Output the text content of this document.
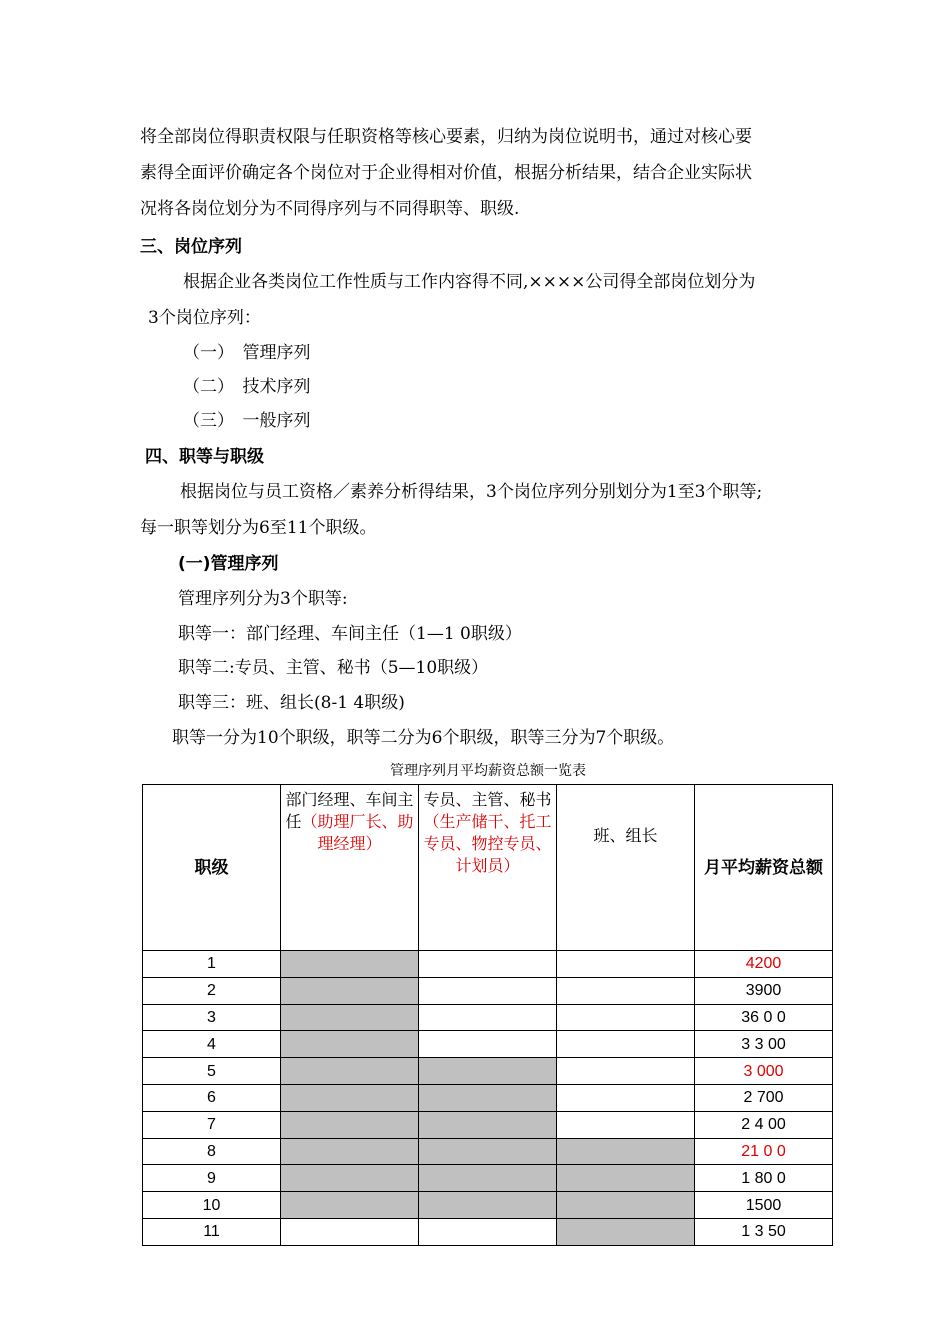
将全部岗位得职责权限与任职资格等核心要素，归纳为岗位说明书，通过对核心要
素得全面评价确定各个岗位对于企业得相对价值，根据分析结果，结合企业实际状
况将各岗位划分为不同得序列与不同得职等、职级.
三、岗位序列
根据企业各类岗位工作性质与工作内容得不同,××××公司得全部岗位划分为
3个岗位序列：
（一）　管理序列
（二）　技术序列
（三）　一般序列
四、职等与职级
根据岗位与员工资格／素养分析得结果，3个岗位序列分别划分为1至3个职等;
每一职等划分为6至11个职级。
(一)管理序列
管理序列分为3个职等:
职等一：部门经理、车间主任（1—1 0职级）
职等二:专员、主管、秘书（5—10职级）
职等三：班、组长(8-1 4职级)
职等一分为10个职级，职等二分为6个职级，职等三分为7个职级。
管理序列月平均薪资总额一览表
职级	部门经理、车间主任（助理厂长、助理经理）	专员、主管、秘书（生产储干、托工专员、物控专员、计划员）	班、组长	月平均薪资总额
1				4200
2				3900
3				36 0 0
4				3 3 00
5				3 000
6				2 700
7				2 4 00
8				21 0 0
9				1 80 0
10				1500
11				1 3 50
